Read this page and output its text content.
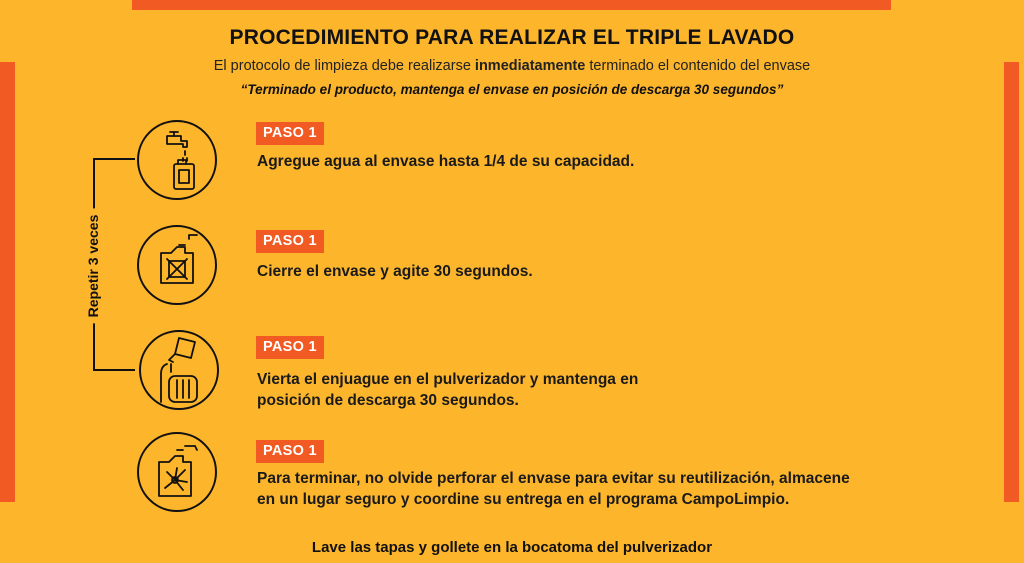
PROCEDIMIENTO PARA REALIZAR EL TRIPLE LAVADO
El protocolo de limpieza debe realizarse inmediatamente terminado el contenido del envase
“Terminado el producto, mantenga el envase en posición de descarga 30 segundos”
Repetir 3 veces
PASO 1
Agregue agua al envase hasta 1/4 de su capacidad.
PASO 1
Cierre el envase y agite 30 segundos.
PASO 1
Vierta el enjuague en el pulverizador y mantenga en
posición de descarga 30 segundos.
PASO 1
Para terminar, no olvide perforar el envase para evitar su reutilización, almacene
en un lugar seguro y coordine su entrega en el programa CampoLimpio.
Lave las tapas y gollete en la bocatoma del pulverizador
